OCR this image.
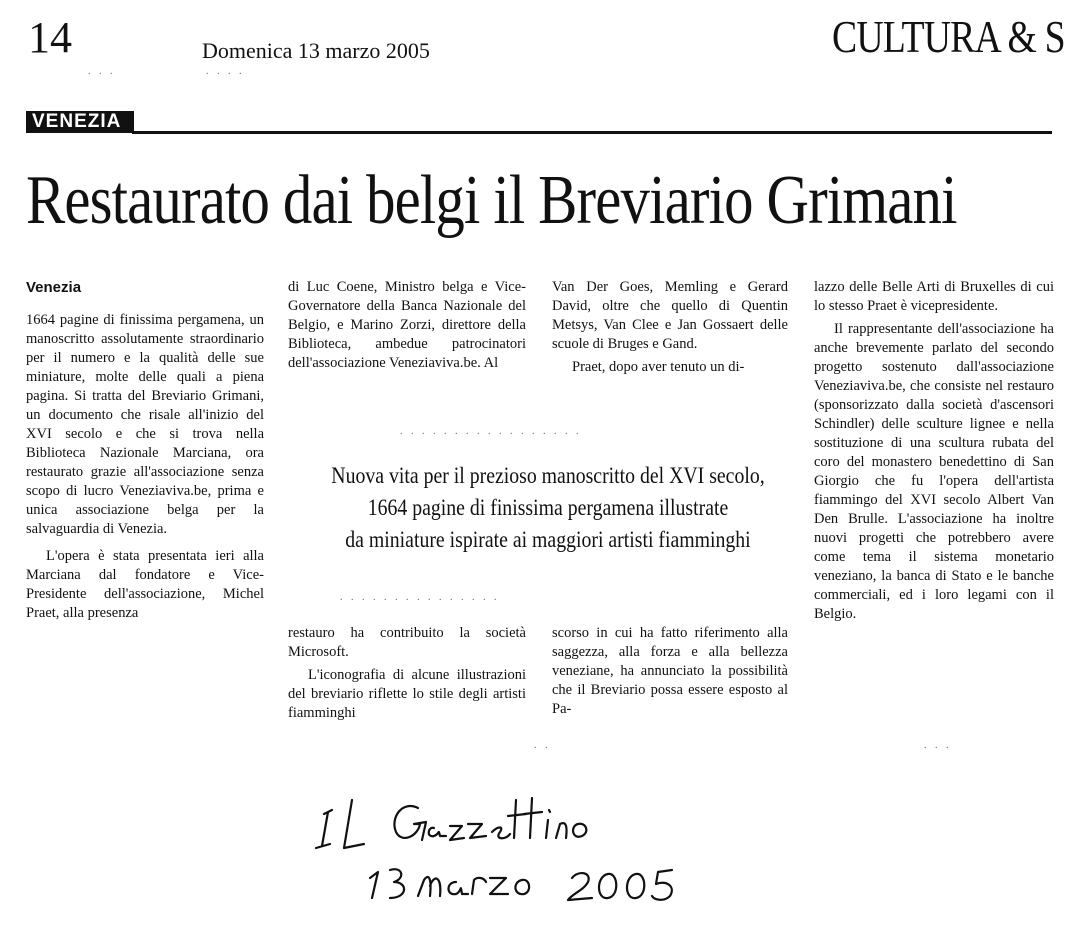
14
. . .
Domenica 13 marzo 2005
. . . .
CULTURA & S
VENEZIA
Restaurato dai belgi il Breviario Grimani
Venezia

1664 pagine di finissima pergamena, un manoscritto assolutamente straordinario per il numero e la qualità delle sue miniature, molte delle quali a piena pagina. Si tratta del Breviario Grimani, un documento che risale all'inizio del XVI secolo e che si trova nella Biblioteca Nazionale Marciana, ora restaurato grazie all'associazione senza scopo di lucro Veneziaviva.be, prima e unica associazione belga per la salvaguardia di Venezia.

L'opera è stata presentata ieri alla Marciana dal fondatore e Vice-Presidente dell'associazione, Michel Praet, alla presenza

di Luc Coene, Ministro belga e Vice-Governatore della Banca Nazionale del Belgio, e Marino Zorzi, direttore della Biblioteca, ambedue patrocinatori dell'associazione Veneziaviva.be. Al

Van Der Goes, Memling e Gerard David, oltre che quello di Quentin Metsys, Van Clee e Jan Gossaert delle scuole di Bruges e Gand.

Praet, dopo aver tenuto un di-

. . . . . . . . . . . . . . . . .
Nuova vita per il prezioso manoscritto del XVI secolo,
1664 pagine di finissima pergamena illustrate
da miniature ispirate ai maggiori artisti fiamminghi
. . . . . . . . . . . . . . .

restauro ha contribuito la società Microsoft.

L'iconografia di alcune illustrazioni del breviario riflette lo stile degli artisti fiamminghi

scorso in cui ha fatto riferimento alla saggezza, alla forza e alla bellezza veneziane, ha annunciato la possibilità che il Breviario possa essere esposto al Pa-

lazzo delle Belle Arti di Bruxelles di cui lo stesso Praet è vicepresidente.

Il rappresentante dell'associazione ha anche brevemente parlato del secondo progetto sostenuto dall'associazione Veneziaviva.be, che consiste nel restauro (sponsorizzato dalla società d'ascensori Schindler) delle sculture lignee e nella sostituzione di una scultura rubata del coro del monastero benedettino di San Giorgio che fu l'opera dell'artista fiammingo del XVI secolo Albert Van Den Brulle. L'associazione ha inoltre nuovi progetti che potrebbero avere come tema il sistema monetario veneziano, la banca di Stato e le banche commerciali, ed i loro legami con il Belgio.

. .	. . .
